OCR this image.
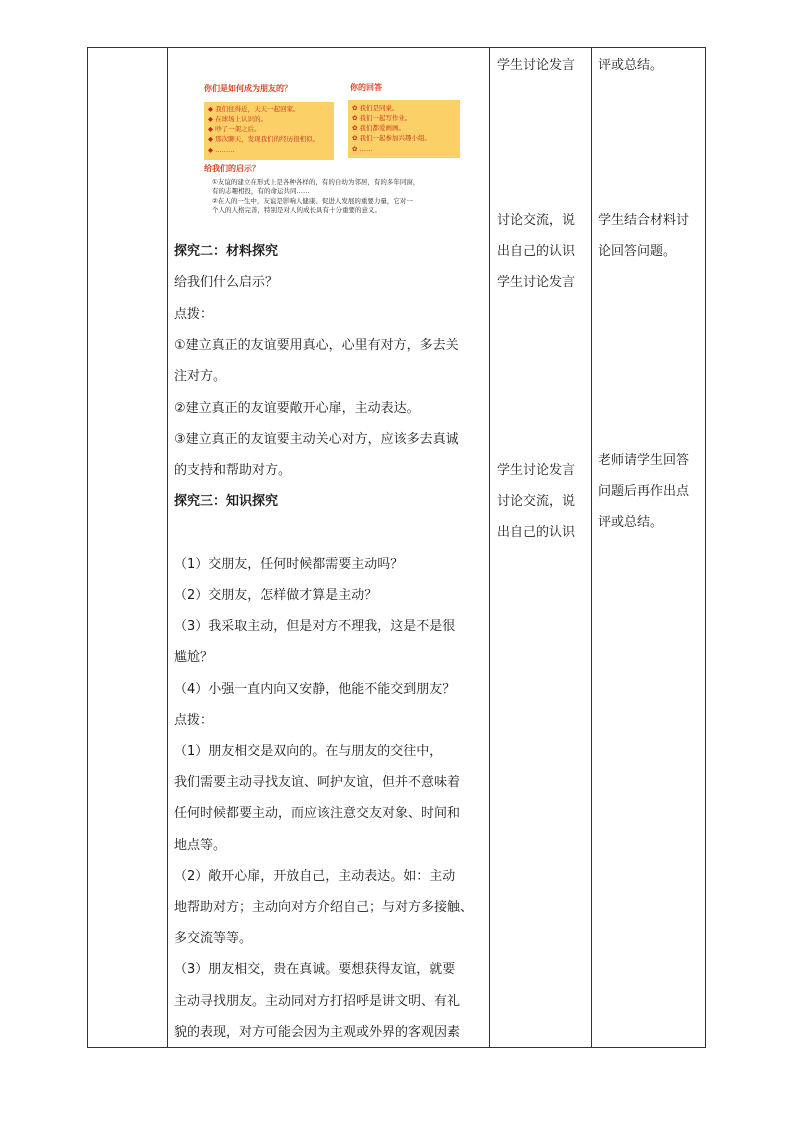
你们是如何成为朋友的？	你的回答
◆ 我们住得近，天天一起回家。
◆ 在球场上认识的。
◆ 吵了一架之后。
◆ 那次聊天，发现我们的经历很相似。
◆ ………
✿ 我们是同桌。
✿ 我们一起写作业。
✿ 我们都爱画画。
✿ 我们一起参加兴趣小组。
✿ ……
给我们的启示？
①友谊的建立在形式上是各种各样的，有的自幼为邻居，有的多年同窗，
有的志趣相投，有的命运共同……
②在人的一生中，友谊是影响人健康、促进人发展的重要力量，它对一
个人的人格完善，特别是对人的成长具有十分重要的意义。
探究二：材料探究
给我们什么启示？
点拨：
①建立真正的友谊要用真心，心里有对方，多去关
注对方。
②建立真正的友谊要敞开心扉，主动表达。
③建立真正的友谊要主动关心对方，应该多去真诚
的支持和帮助对方。
探究三：知识探究
（1）交朋友，任何时候都需要主动吗？
（2）交朋友，怎样做才算是主动？
（3）我采取主动，但是对方不理我，这是不是很
尴尬？
（4）小强一直内向又安静，他能不能交到朋友？
点拨：
（1）朋友相交是双向的。在与朋友的交往中，
我们需要主动寻找友谊、呵护友谊，但并不意味着
任何时候都要主动，而应该注意交友对象、时间和
地点等。
（2）敞开心扉，开放自己，主动表达。如：主动
地帮助对方；主动向对方介绍自己；与对方多接触、
多交流等等。
（3）朋友相交，贵在真诚。要想获得友谊，就要
主动寻找朋友。主动同对方打招呼是讲文明、有礼
貌的表现，对方可能会因为主观或外界的客观因素
学生讨论发言
讨论交流，说
出自己的认识
学生讨论发言
学生讨论发言
讨论交流，说
出自己的认识
评或总结。
学生结合材料讨
论回答问题。
老师请学生回答
问题后再作出点
评或总结。
